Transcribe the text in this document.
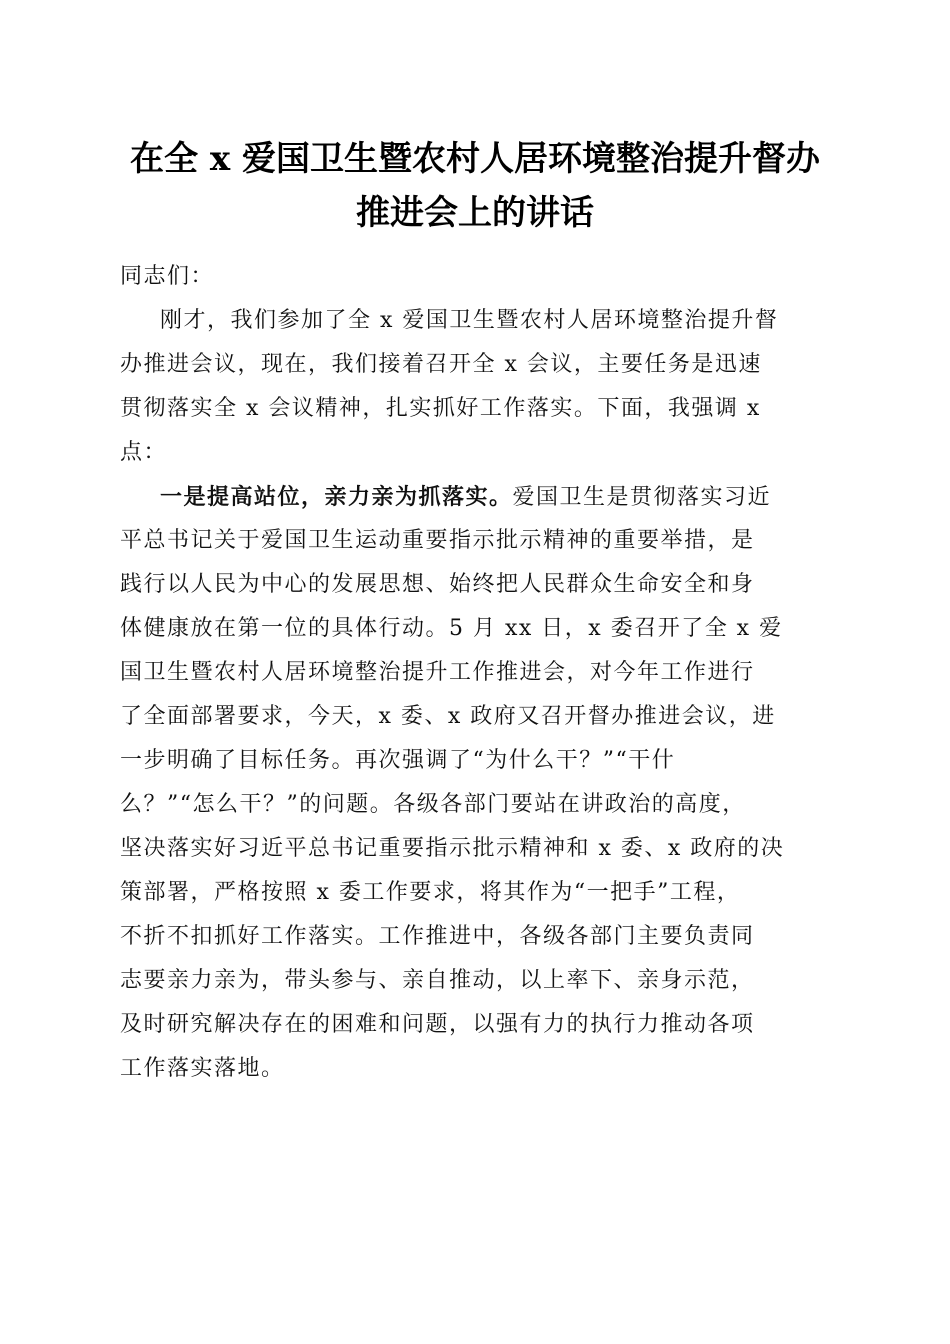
在全 x 爱国卫生暨农村人居环境整治提升督办
推进会上的讲话
同志们：
刚才，我们参加了全 x 爱国卫生暨农村人居环境整治提升督
办推进会议，现在，我们接着召开全 x 会议，主要任务是迅速
贯彻落实全 x 会议精神，扎实抓好工作落实。下面，我强调 x
点：
一是提高站位，亲力亲为抓落实。爱国卫生是贯彻落实习近
平总书记关于爱国卫生运动重要指示批示精神的重要举措，是
践行以人民为中心的发展思想、始终把人民群众生命安全和身
体健康放在第一位的具体行动。5 月 xx 日，x 委召开了全 x 爱
国卫生暨农村人居环境整治提升工作推进会，对今年工作进行
了全面部署要求，今天，x 委、x 政府又召开督办推进会议，进
一步明确了目标任务。再次强调了“为什么干？”“干什
么？”“怎么干？”的问题。各级各部门要站在讲政治的高度，
坚决落实好习近平总书记重要指示批示精神和 x 委、x 政府的决
策部署，严格按照 x 委工作要求，将其作为“一把手”工程，
不折不扣抓好工作落实。工作推进中，各级各部门主要负责同
志要亲力亲为，带头参与、亲自推动，以上率下、亲身示范，
及时研究解决存在的困难和问题，以强有力的执行力推动各项
工作落实落地。
